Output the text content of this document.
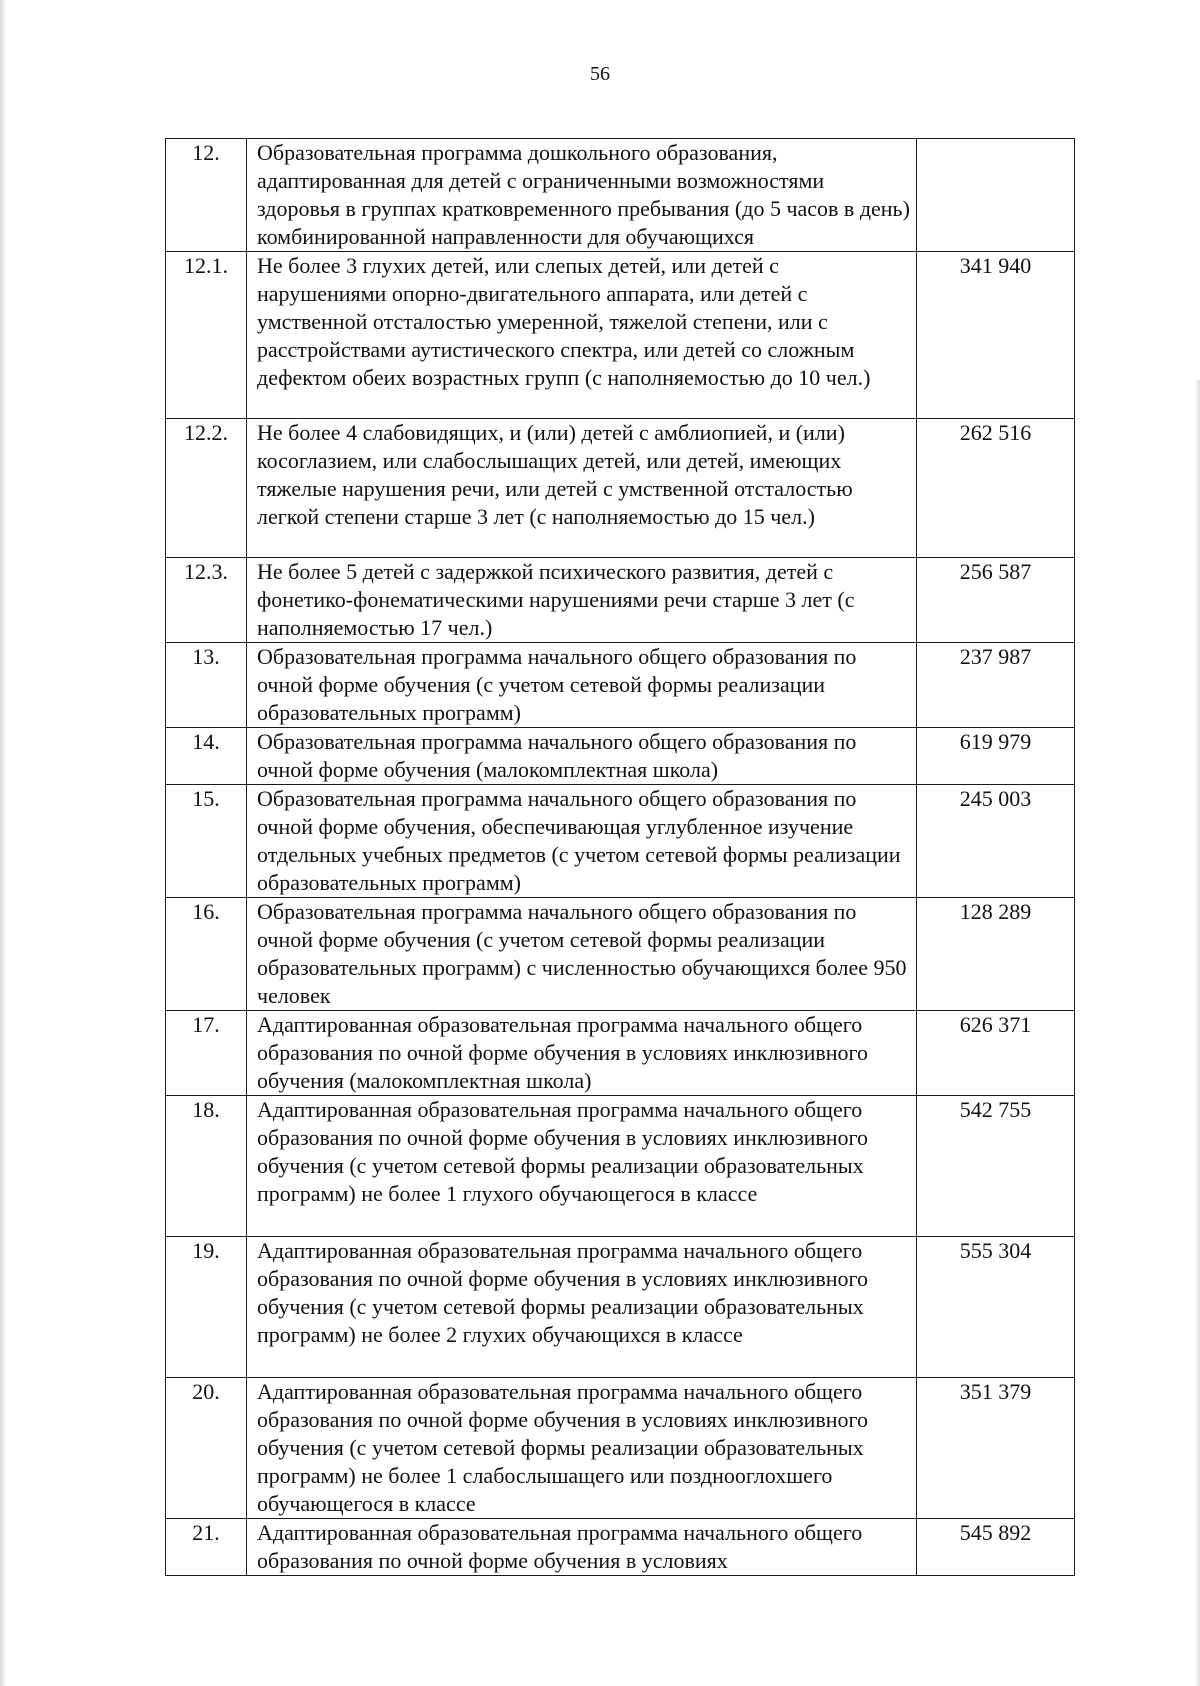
56
12.	Образовательная программа дошкольного образования, адаптированная для детей с ограниченными возможностями здоровья в группах кратковременного пребывания (до 5 часов в день) комбинированной направленности для обучающихся	
12.1.	Не более 3 глухих детей, или слепых детей, или детей с нарушениями опорно-двигательного аппарата, или детей с умственной отсталостью умеренной, тяжелой степени, или с расстройствами аутистического спектра, или детей со сложным дефектом обеих возрастных групп (с наполняемостью до 10 чел.)	341 940
12.2.	Не более 4 слабовидящих, и (или) детей с амблиопией, и (или) косоглазием, или слабослышащих детей, или детей, имеющих тяжелые нарушения речи, или детей с умственной отсталостью легкой степени старше 3 лет (с наполняемостью до 15 чел.)	262 516
12.3.	Не более 5 детей с задержкой психического развития, детей с фонетико-фонематическими нарушениями речи старше 3 лет (с наполняемостью 17 чел.)	256 587
13.	Образовательная программа начального общего образования по очной форме обучения (с учетом сетевой формы реализации образовательных программ)	237 987
14.	Образовательная программа начального общего образования по очной форме обучения (малокомплектная школа)	619 979
15.	Образовательная программа начального общего образования по очной форме обучения, обеспечивающая углубленное изучение отдельных учебных предметов (с учетом сетевой формы реализации образовательных программ)	245 003
16.	Образовательная программа начального общего образования по очной форме обучения (с учетом сетевой формы реализации образовательных программ) с численностью обучающихся более 950 человек	128 289
17.	Адаптированная образовательная программа начального общего образования по очной форме обучения в условиях инклюзивного обучения (малокомплектная школа)	626 371
18.	Адаптированная образовательная программа начального общего образования по очной форме обучения в условиях инклюзивного обучения (с учетом сетевой формы реализации образовательных программ) не более 1 глухого обучающегося в классе	542 755
19.	Адаптированная образовательная программа начального общего образования по очной форме обучения в условиях инклюзивного обучения (с учетом сетевой формы реализации образовательных программ) не более 2 глухих обучающихся в классе	555 304
20.	Адаптированная образовательная программа начального общего образования по очной форме обучения в условиях инклюзивного обучения (с учетом сетевой формы реализации образовательных программ) не более 1 слабослышащего или позднооглохшего обучающегося в классе	351 379
21.	Адаптированная образовательная программа начального общего образования по очной форме обучения в условиях	545 892
